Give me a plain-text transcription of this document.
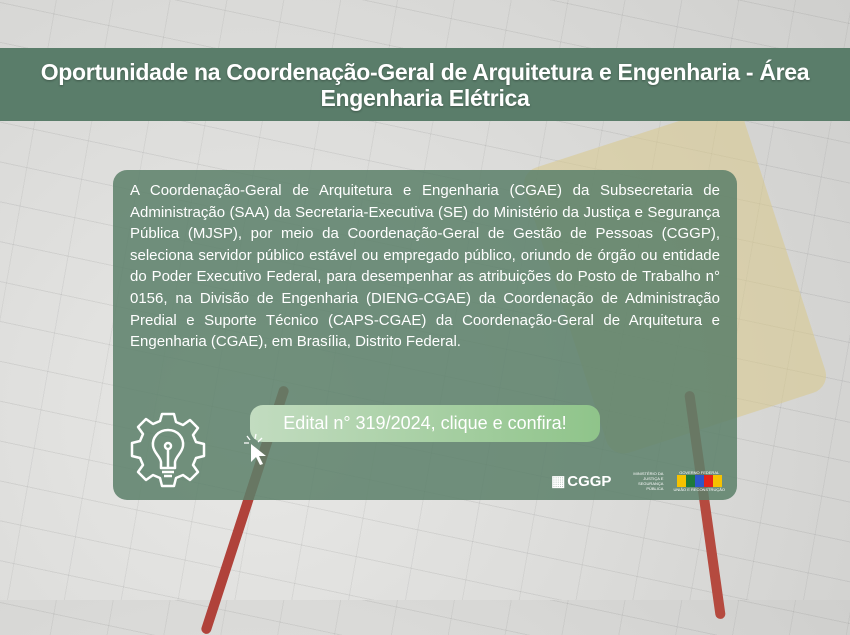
Oportunidade na Coordenação-Geral de Arquitetura e Engenharia - Área Engenharia Elétrica

A Coordenação-Geral de Arquitetura e Engenharia (CGAE) da Subsecretaria de Administração (SAA) da Secretaria-Executiva (SE) do Ministério da Justiça e Segurança Pública (MJSP), por meio da Coordenação-Geral de Gestão de Pessoas (CGGP), seleciona servidor público estável ou empregado público, oriundo de órgão ou entidade do Poder Executivo Federal, para desempenhar as atribuições do Posto de Trabalho n° 0156, na Divisão de Engenharia (DIENG-CGAE) da Coordenação de Administração Predial e Suporte Técnico (CAPS-CGAE) da Coordenação-Geral de Arquitetura e Engenharia (CGAE), em Brasília, Distrito Federal.

Edital n° 319/2024, clique e confira!
▦ CGGP	MINISTÉRIO DA JUSTIÇA E SEGURANÇA PÚBLICA
GOVERNO FEDERAL
UNIÃO E RECONSTRUÇÃO
